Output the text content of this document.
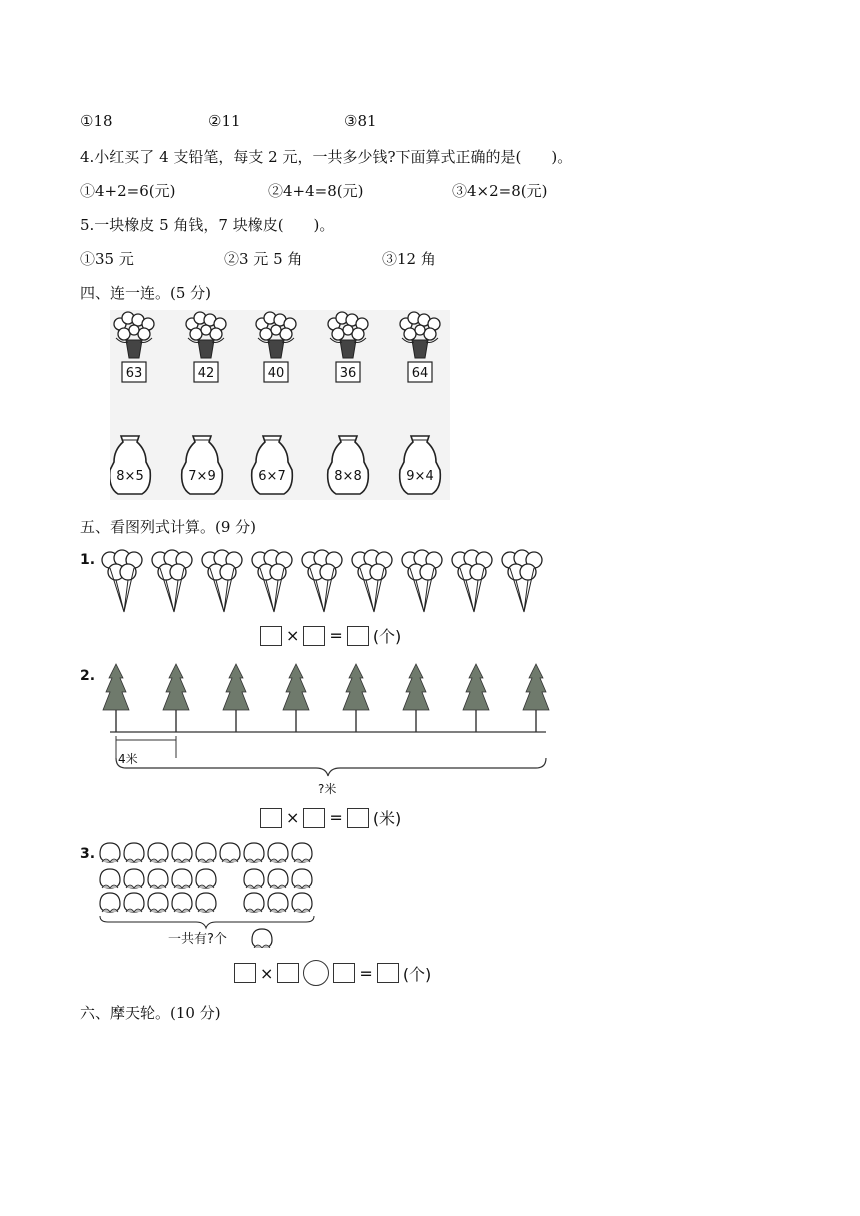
①18	②11	③81
4.小红买了 4 支铅笔，每支 2 元，一共多少钱?下面算式正确的是(　　)。
①4+2=6(元)	②4+4=8(元)	③4×2=8(元)
5.一块橡皮 5 角钱，7 块橡皮(　　)。
①35 元	②3 元 5 角	③12 角
四、连一连。(5 分)
63	42	40	36	64
8×5	7×9	6×7	8×8	9×4
五、看图列式计算。(9 分)
1.
× = (个)
2.
4米
?米
× = (米)
3.
一共有?个
×	= (个)
六、摩天轮。(10 分)
